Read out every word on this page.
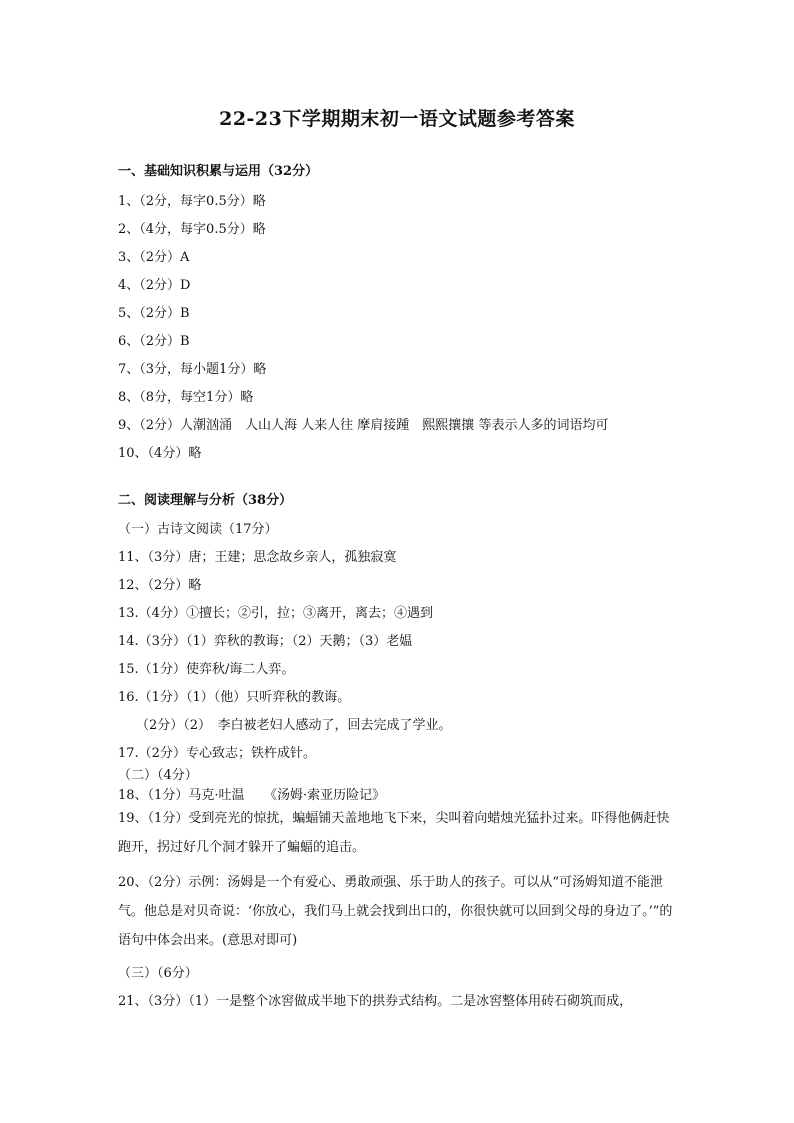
22-23下学期期末初一语文试题参考答案
一、基础知识积累与运用（32分）
1、（2分，每字0.5分）略
2、（4分，每字0.5分）略
3、（2分）A
4、（2分）D
5、（2分）B
6、（2分）B
7、（3分，每小题1分）略
8、（8分，每空1分）略
9、（2分）人潮汹涌　人山人海 人来人往 摩肩接踵　熙熙攘攘 等表示人多的词语均可
10、（4分）略
二、阅读理解与分析（38分）
（一）古诗文阅读（17分）
11、（3分）唐；王建；思念故乡亲人，孤独寂寞
12、（2分）略
13.（4分）①擅长；②引，拉；③离开，离去；④遇到
14.（3分）（1）弈秋的教诲；（2）天鹅；（3）老媪
15.（1分）使弈秋/诲二人弈。
16.（1分）（1）（他）只听弈秋的教诲。
（2分）（2）　李白被老妇人感动了，回去完成了学业。
17.（2分）专心致志；铁杵成针。
（二）（4分）
18、（1分）马克·吐温　　《汤姆·索亚历险记》
19、（1分）受到亮光的惊扰，蝙蝠铺天盖地地飞下来，尖叫着向蜡烛光猛扑过来。吓得他俩赶快跑开，拐过好几个洞才躲开了蝙蝠的追击。
20、（2分）示例：汤姆是一个有爱心、勇敢顽强、乐于助人的孩子。可以从“可汤姆知道不能泄气。他总是对贝奇说：‘你放心，我们马上就会找到出口的，你很快就可以回到父母的身边了。’”的语句中体会出来。(意思对即可)
（三）（6分）
21、（3分）（1）一是整个冰窖做成半地下的拱券式结构。二是冰窖整体用砖石砌筑而成，
